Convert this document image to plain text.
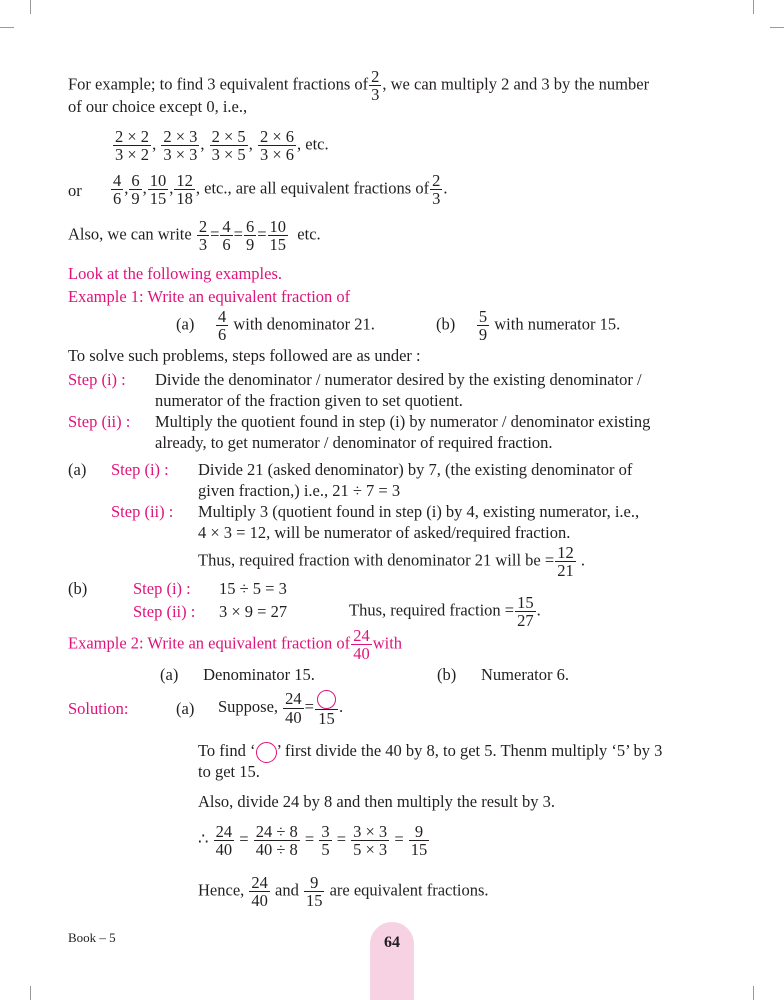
For example; to find 3 equivalent fractions of $\frac{2}{3}$ , we can multiply 2 and 3 by the number
of our choice except 0, i.e.,
$\frac{2 \times 2}{3 \times 2}$ , $\frac{2 \times 3}{3 \times 3}$ , $\frac{2 \times 5}{3 \times 5}$ , $\frac{2 \times 6}{3 \times 6}$ , etc.
or $\frac{4}{6}$ , $\frac{6}{9}$ , $\frac{10}{15}$ , $\frac{12}{18}$ , etc., are all equivalent fractions of $\frac{2}{3}$ .
Also, we can write $\frac{2}{3} = \frac{4}{6} = \frac{6}{9} = \frac{10}{15}$ etc.
Look at the following examples.
Example 1: Write an equivalent fraction of
$(a) \frac{4}{6}$ with denominator 21.	$(b) \frac{5}{9}$ with numerator 15.
To solve such problems, steps followed are as under :
Step (i) : Divide the denominator / numerator desired by the existing denominator /
numerator of the fraction given to set quotient.
Step (ii) : Multiply the quotient found in step (i) by numerator / denominator existing
already, to get numerator / denominator of required fraction.
(a) Step (i) : Divide 21 (asked denominator) by 7, (the existing denominator of
given fraction,) i.e., 21 ÷ 7 = 3
Step (ii) : Multiply 3 (quotient found in step (i) by 4, existing numerator, i.e.,
4 × 3 = 12, will be numerator of asked/required fraction.
Thus, required fraction with denominator 21 will be = $\frac{12}{21}$ .
(b)	Step (i) : 15 ÷ 5 = 3
Step (ii) : 3 × 9 = 27	Thus, required fraction = $\frac{15}{27}$ .
Example 2: Write an equivalent fraction of $\frac{24}{40}$ with
(a) Denominator 15.	(b) Numerator 6.
Solution:	(a) Suppose, $\frac{24}{40}$ =
15
.
To find ‘ ’ first divide the 40 by 8, to get 5. Thenm multiply ‘5’ by 3
to get 15.
Also, divide 24 by 8 and then multiply the result by 3.
∴ $\frac{24}{40} = \frac{24 \div 8}{40 \div 8} = \frac{3}{5} = \frac{3 \times 3}{5 \times 3} = \frac{9}{15}$
Hence, $\frac{24}{40}$ and $\frac{9}{15}$ are equivalent fractions.
Book – 5	64
